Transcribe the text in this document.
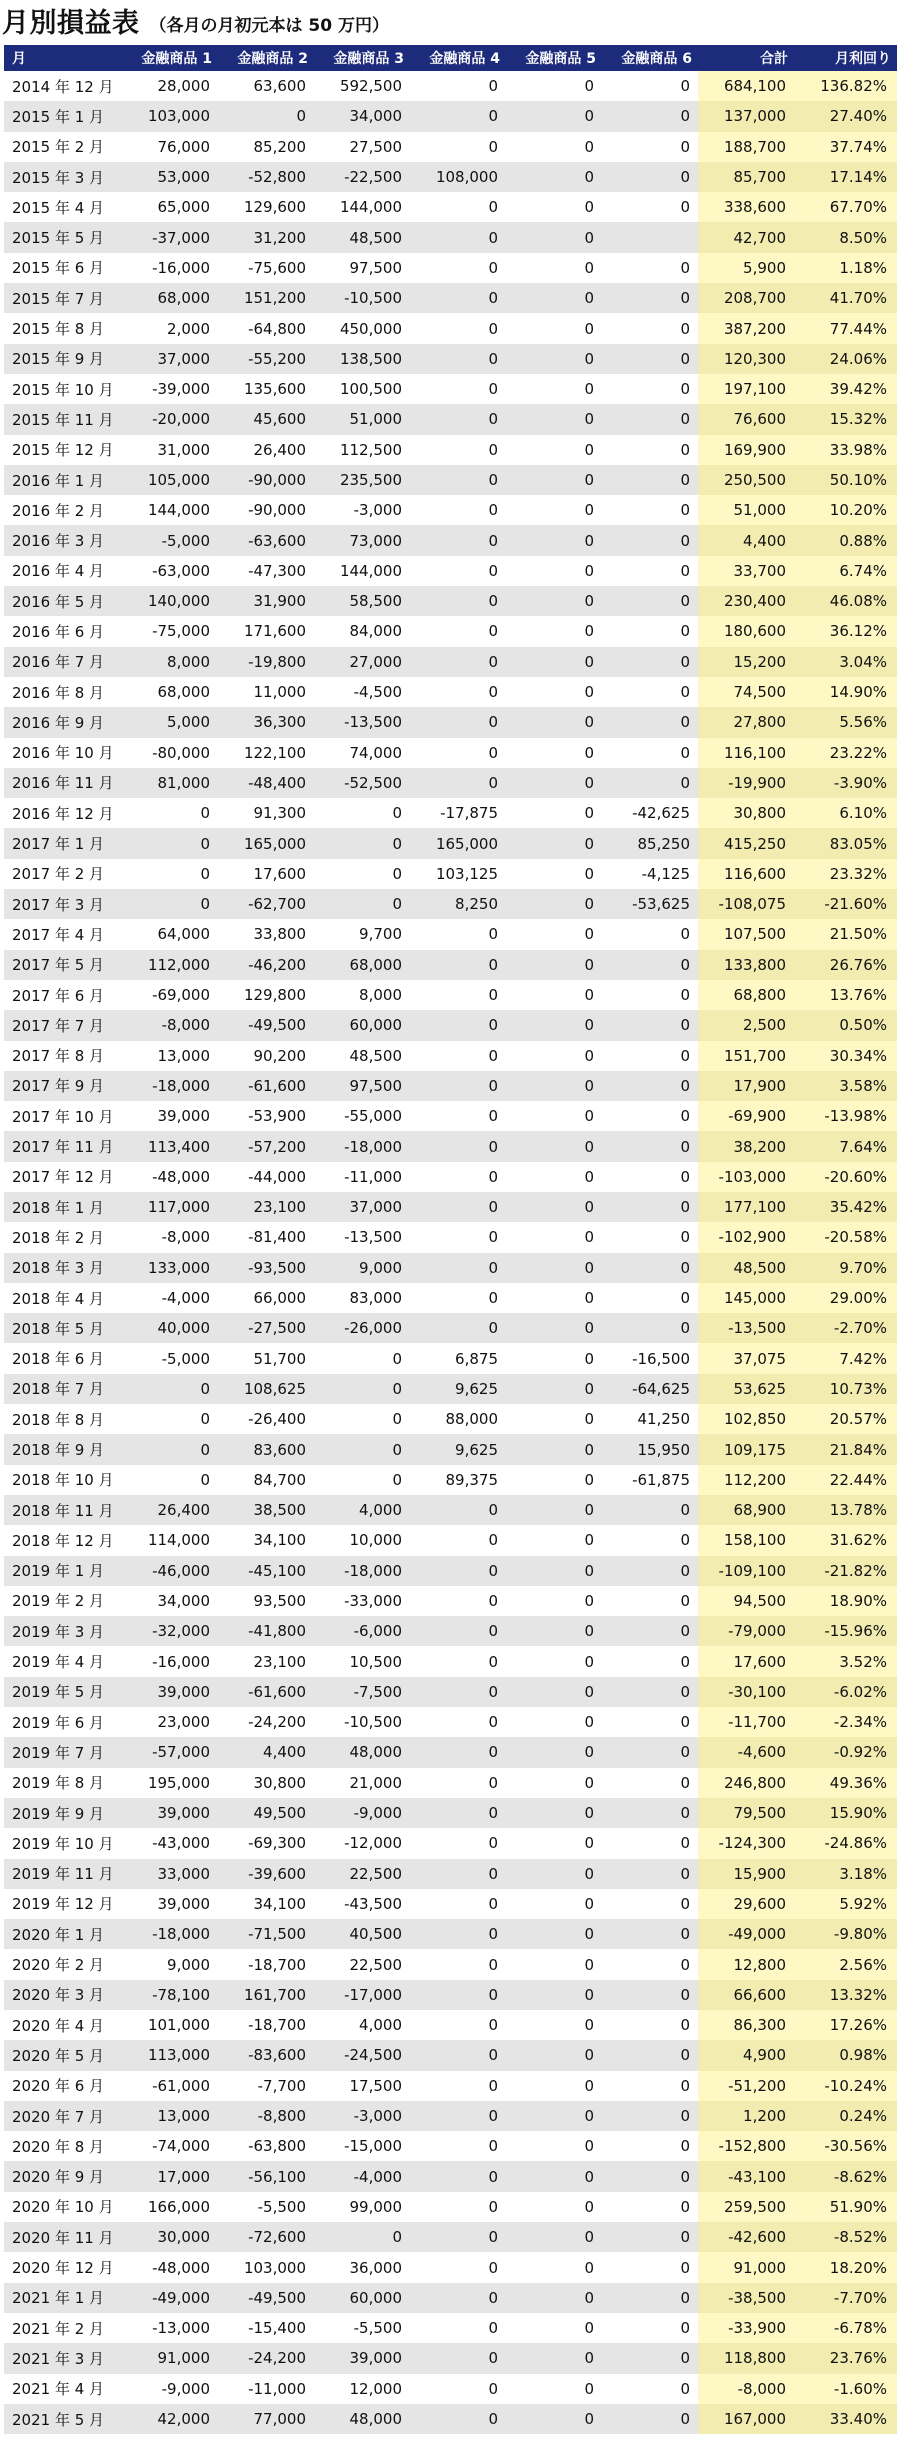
月別損益表 （各月の月初元本は 50 万円）
月	金融商品 1	金融商品 2	金融商品 3	金融商品 4	金融商品 5	金融商品 6	合計	月利回り
2014 年 12 月	28,000	63,600	592,500	0	0	0	684,100	136.82%
2015 年 1 月	103,000	0	34,000	0	0	0	137,000	27.40%
2015 年 2 月	76,000	85,200	27,500	0	0	0	188,700	37.74%
2015 年 3 月	53,000	-52,800	-22,500	108,000	0	0	85,700	17.14%
2015 年 4 月	65,000	129,600	144,000	0	0	0	338,600	67.70%
2015 年 5 月	-37,000	31,200	48,500	0	0		42,700	8.50%
2015 年 6 月	-16,000	-75,600	97,500	0	0	0	5,900	1.18%
2015 年 7 月	68,000	151,200	-10,500	0	0	0	208,700	41.70%
2015 年 8 月	2,000	-64,800	450,000	0	0	0	387,200	77.44%
2015 年 9 月	37,000	-55,200	138,500	0	0	0	120,300	24.06%
2015 年 10 月	-39,000	135,600	100,500	0	0	0	197,100	39.42%
2015 年 11 月	-20,000	45,600	51,000	0	0	0	76,600	15.32%
2015 年 12 月	31,000	26,400	112,500	0	0	0	169,900	33.98%
2016 年 1 月	105,000	-90,000	235,500	0	0	0	250,500	50.10%
2016 年 2 月	144,000	-90,000	-3,000	0	0	0	51,000	10.20%
2016 年 3 月	-5,000	-63,600	73,000	0	0	0	4,400	0.88%
2016 年 4 月	-63,000	-47,300	144,000	0	0	0	33,700	6.74%
2016 年 5 月	140,000	31,900	58,500	0	0	0	230,400	46.08%
2016 年 6 月	-75,000	171,600	84,000	0	0	0	180,600	36.12%
2016 年 7 月	8,000	-19,800	27,000	0	0	0	15,200	3.04%
2016 年 8 月	68,000	11,000	-4,500	0	0	0	74,500	14.90%
2016 年 9 月	5,000	36,300	-13,500	0	0	0	27,800	5.56%
2016 年 10 月	-80,000	122,100	74,000	0	0	0	116,100	23.22%
2016 年 11 月	81,000	-48,400	-52,500	0	0	0	-19,900	-3.90%
2016 年 12 月	0	91,300	0	-17,875	0	-42,625	30,800	6.10%
2017 年 1 月	0	165,000	0	165,000	0	85,250	415,250	83.05%
2017 年 2 月	0	17,600	0	103,125	0	-4,125	116,600	23.32%
2017 年 3 月	0	-62,700	0	8,250	0	-53,625	-108,075	-21.60%
2017 年 4 月	64,000	33,800	9,700	0	0	0	107,500	21.50%
2017 年 5 月	112,000	-46,200	68,000	0	0	0	133,800	26.76%
2017 年 6 月	-69,000	129,800	8,000	0	0	0	68,800	13.76%
2017 年 7 月	-8,000	-49,500	60,000	0	0	0	2,500	0.50%
2017 年 8 月	13,000	90,200	48,500	0	0	0	151,700	30.34%
2017 年 9 月	-18,000	-61,600	97,500	0	0	0	17,900	3.58%
2017 年 10 月	39,000	-53,900	-55,000	0	0	0	-69,900	-13.98%
2017 年 11 月	113,400	-57,200	-18,000	0	0	0	38,200	7.64%
2017 年 12 月	-48,000	-44,000	-11,000	0	0	0	-103,000	-20.60%
2018 年 1 月	117,000	23,100	37,000	0	0	0	177,100	35.42%
2018 年 2 月	-8,000	-81,400	-13,500	0	0	0	-102,900	-20.58%
2018 年 3 月	133,000	-93,500	9,000	0	0	0	48,500	9.70%
2018 年 4 月	-4,000	66,000	83,000	0	0	0	145,000	29.00%
2018 年 5 月	40,000	-27,500	-26,000	0	0	0	-13,500	-2.70%
2018 年 6 月	-5,000	51,700	0	6,875	0	-16,500	37,075	7.42%
2018 年 7 月	0	108,625	0	9,625	0	-64,625	53,625	10.73%
2018 年 8 月	0	-26,400	0	88,000	0	41,250	102,850	20.57%
2018 年 9 月	0	83,600	0	9,625	0	15,950	109,175	21.84%
2018 年 10 月	0	84,700	0	89,375	0	-61,875	112,200	22.44%
2018 年 11 月	26,400	38,500	4,000	0	0	0	68,900	13.78%
2018 年 12 月	114,000	34,100	10,000	0	0	0	158,100	31.62%
2019 年 1 月	-46,000	-45,100	-18,000	0	0	0	-109,100	-21.82%
2019 年 2 月	34,000	93,500	-33,000	0	0	0	94,500	18.90%
2019 年 3 月	-32,000	-41,800	-6,000	0	0	0	-79,000	-15.96%
2019 年 4 月	-16,000	23,100	10,500	0	0	0	17,600	3.52%
2019 年 5 月	39,000	-61,600	-7,500	0	0	0	-30,100	-6.02%
2019 年 6 月	23,000	-24,200	-10,500	0	0	0	-11,700	-2.34%
2019 年 7 月	-57,000	4,400	48,000	0	0	0	-4,600	-0.92%
2019 年 8 月	195,000	30,800	21,000	0	0	0	246,800	49.36%
2019 年 9 月	39,000	49,500	-9,000	0	0	0	79,500	15.90%
2019 年 10 月	-43,000	-69,300	-12,000	0	0	0	-124,300	-24.86%
2019 年 11 月	33,000	-39,600	22,500	0	0	0	15,900	3.18%
2019 年 12 月	39,000	34,100	-43,500	0	0	0	29,600	5.92%
2020 年 1 月	-18,000	-71,500	40,500	0	0	0	-49,000	-9.80%
2020 年 2 月	9,000	-18,700	22,500	0	0	0	12,800	2.56%
2020 年 3 月	-78,100	161,700	-17,000	0	0	0	66,600	13.32%
2020 年 4 月	101,000	-18,700	4,000	0	0	0	86,300	17.26%
2020 年 5 月	113,000	-83,600	-24,500	0	0	0	4,900	0.98%
2020 年 6 月	-61,000	-7,700	17,500	0	0	0	-51,200	-10.24%
2020 年 7 月	13,000	-8,800	-3,000	0	0	0	1,200	0.24%
2020 年 8 月	-74,000	-63,800	-15,000	0	0	0	-152,800	-30.56%
2020 年 9 月	17,000	-56,100	-4,000	0	0	0	-43,100	-8.62%
2020 年 10 月	166,000	-5,500	99,000	0	0	0	259,500	51.90%
2020 年 11 月	30,000	-72,600	0	0	0	0	-42,600	-8.52%
2020 年 12 月	-48,000	103,000	36,000	0	0	0	91,000	18.20%
2021 年 1 月	-49,000	-49,500	60,000	0	0	0	-38,500	-7.70%
2021 年 2 月	-13,000	-15,400	-5,500	0	0	0	-33,900	-6.78%
2021 年 3 月	91,000	-24,200	39,000	0	0	0	118,800	23.76%
2021 年 4 月	-9,000	-11,000	12,000	0	0	0	-8,000	-1.60%
2021 年 5 月	42,000	77,000	48,000	0	0	0	167,000	33.40%
